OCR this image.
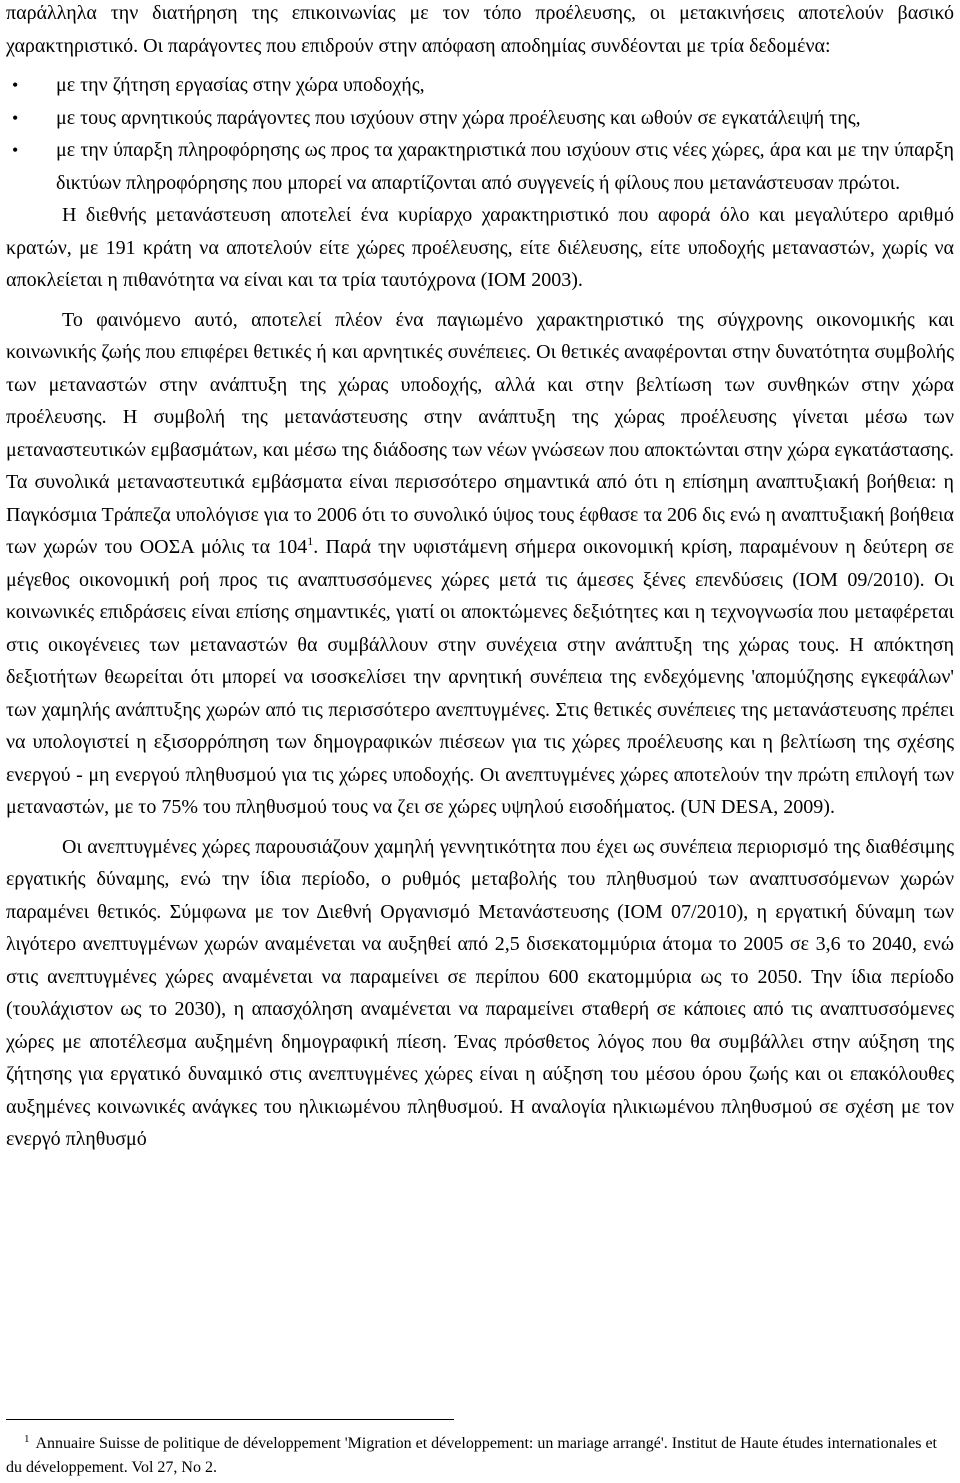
παράλληλα την διατήρηση της επικοινωνίας με τον τόπο προέλευσης, οι μετακινήσεις αποτελούν βασικό χαρακτηριστικό. Οι παράγοντες που επιδρούν στην απόφαση αποδημίας συνδέονται με τρία δεδομένα:

• με την ζήτηση εργασίας στην χώρα υποδοχής,
• με τους αρνητικούς παράγοντες που ισχύουν στην χώρα προέλευσης και ωθούν σε εγκατάλειψή της,
• με την ύπαρξη πληροφόρησης ως προς τα χαρακτηριστικά που ισχύουν στις νέες χώρες, άρα και με την ύπαρξη δικτύων πληροφόρησης που μπορεί να απαρτίζονται από συγγενείς ή φίλους που μετανάστευσαν πρώτοι.

Η διεθνής μετανάστευση αποτελεί ένα κυρίαρχο χαρακτηριστικό που αφορά όλο και μεγαλύτερο αριθμό κρατών, με 191 κράτη να αποτελούν είτε χώρες προέλευσης, είτε διέλευσης, είτε υποδοχής μεταναστών, χωρίς να αποκλείεται η πιθανότητα να είναι και τα τρία ταυτόχρονα (IOM 2003).

Το φαινόμενο αυτό, αποτελεί πλέον ένα παγιωμένο χαρακτηριστικό της σύγχρονης οικονομικής και κοινωνικής ζωής που επιφέρει θετικές ή και αρνητικές συνέπειες. Οι θετικές αναφέρονται στην δυνατότητα συμβολής των μεταναστών στην ανάπτυξη της χώρας υποδοχής, αλλά και στην βελτίωση των συνθηκών στην χώρα προέλευσης. Η συμβολή της μετανάστευσης στην ανάπτυξη της χώρας προέλευσης γίνεται μέσω των μεταναστευτικών εμβασμάτων, και μέσω της διάδοσης των νέων γνώσεων που αποκτώνται στην χώρα εγκατάστασης. Τα συνολικά μεταναστευτικά εμβάσματα είναι περισσότερο σημαντικά από ότι η επίσημη αναπτυξιακή βοήθεια: η Παγκόσμια Τράπεζα υπολόγισε για το 2006 ότι το συνολικό ύψος τους έφθασε τα 206 δις ενώ η αναπτυξιακή βοήθεια των χωρών του ΟΟΣΑ μόλις τα $104^1$. Παρά την υφιστάμενη σήμερα οικονομική κρίση, παραμένουν η δεύτερη σε μέγεθος οικονομική ροή προς τις αναπτυσσόμενες χώρες μετά τις άμεσες ξένες επενδύσεις (IOM 09/2010). Οι κοινωνικές επιδράσεις είναι επίσης σημαντικές, γιατί οι αποκτώμενες δεξιότητες και η τεχνογνωσία που μεταφέρεται στις οικογένειες των μεταναστών θα συμβάλλουν στην συνέχεια στην ανάπτυξη της χώρας τους. Η απόκτηση δεξιοτήτων θεωρείται ότι μπορεί να ισοσκελίσει την αρνητική συνέπεια της ενδεχόμενης 'απομύζησης εγκεφάλων' των χαμηλής ανάπτυξης χωρών από τις περισσότερο ανεπτυγμένες. Στις θετικές συνέπειες της μετανάστευσης πρέπει να υπολογιστεί η εξισορρόπηση των δημογραφικών πιέσεων για τις χώρες προέλευσης και η βελτίωση της σχέσης ενεργού - μη ενεργού πληθυσμού για τις χώρες υποδοχής. Οι ανεπτυγμένες χώρες αποτελούν την πρώτη επιλογή των μεταναστών, με το 75% του πληθυσμού τους να ζει σε χώρες υψηλού εισοδήματος. (UN DESA, 2009).

Οι ανεπτυγμένες χώρες παρουσιάζουν χαμηλή γεννητικότητα που έχει ως συνέπεια περιορισμό της διαθέσιμης εργατικής δύναμης, ενώ την ίδια περίοδο, ο ρυθμός μεταβολής του πληθυσμού των αναπτυσσόμενων χωρών παραμένει θετικός. Σύμφωνα με τον Διεθνή Οργανισμό Μετανάστευσης (IOM 07/2010), η εργατική δύναμη των λιγότερο ανεπτυγμένων χωρών αναμένεται να αυξηθεί από 2,5 δισεκατομμύρια άτομα το 2005 σε 3,6 το 2040, ενώ στις ανεπτυγμένες χώρες αναμένεται να παραμείνει σε περίπου 600 εκατομμύρια ως το 2050. Την ίδια περίοδο (τουλάχιστον ως το 2030), η απασχόληση αναμένεται να παραμείνει σταθερή σε κάποιες από τις αναπτυσσόμενες χώρες με αποτέλεσμα αυξημένη δημογραφική πίεση. Ένας πρόσθετος λόγος που θα συμβάλλει στην αύξηση της ζήτησης για εργατικό δυναμικό στις ανεπτυγμένες χώρες είναι η αύξηση του μέσου όρου ζωής και οι επακόλουθες αυξημένες κοινωνικές ανάγκες του ηλικιωμένου πληθυσμού. Η αναλογία ηλικιωμένου πληθυσμού σε σχέση με τον ενεργό πληθυσμό

$^1$ Annuaire Suisse de politique de développement 'Migration et développement: un mariage arrangé'. Institut de Haute études internationales et du développement. Vol 27, No 2.
